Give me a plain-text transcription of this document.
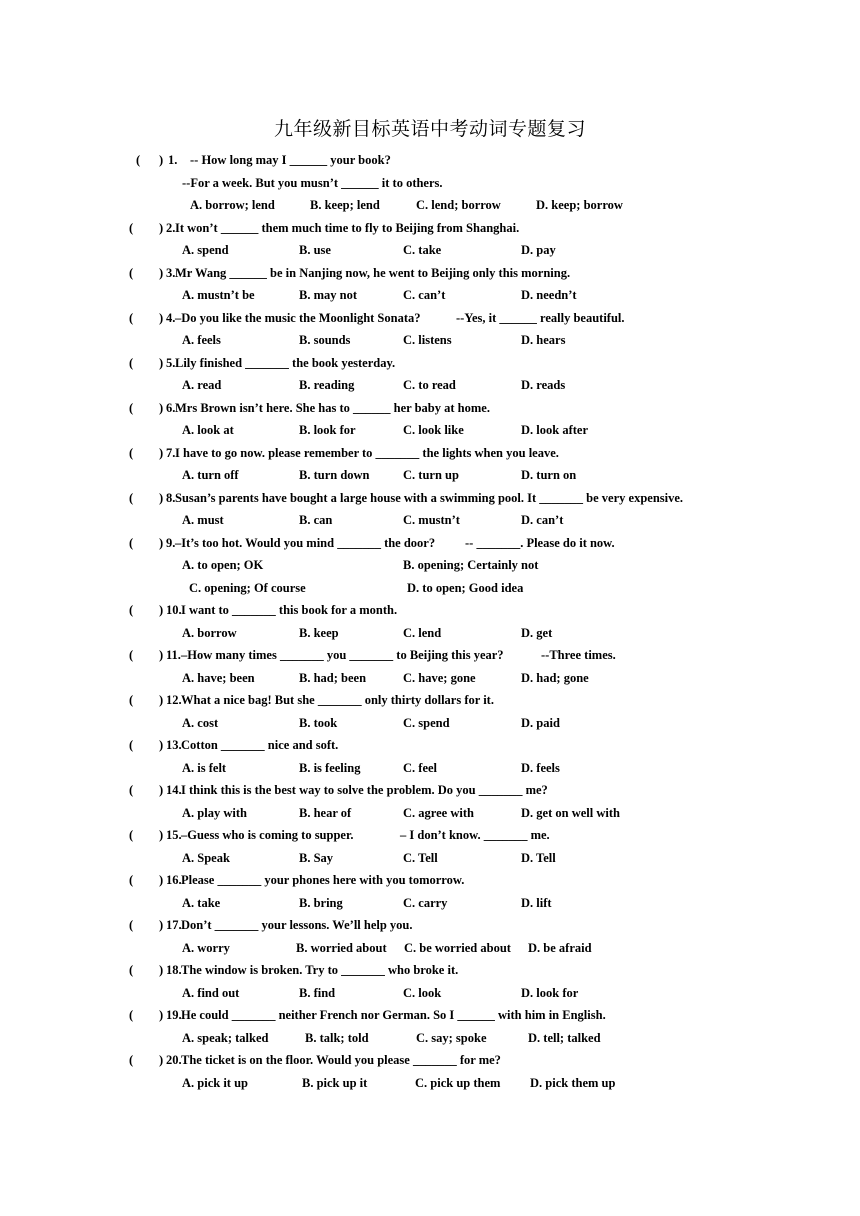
九年级新目标英语中考动词专题复习
( ) 1. -- How long may I ______ your book?
--For a week. But you musn’t ______ it to others.
A. borrow; lend	B. keep; lend	C. lend; borrow	D. keep; borrow
( ) 2. It won’t ______ them much time to fly to Beijing from Shanghai.
A. spend	B. use	C. take	D. pay
( ) 3. Mr Wang ______ be in Nanjing now, he went to Beijing only this morning.
A. mustn’t be	B. may not	C. can’t	D. needn’t
( ) 4. –Do you like the music the Moonlight Sonata?	--Yes, it ______ really beautiful.
A. feels	B. sounds	C. listens	D. hears
( ) 5. Lily finished _______ the book yesterday.
A. read	B. reading	C. to read	D. reads
( ) 6. Mrs Brown isn’t here. She has to ______ her baby at home.
A. look at	B. look for	C. look like	D. look after
( ) 7. I have to go now. please remember to _______ the lights when you leave.
A. turn off	B. turn down	C. turn up	D. turn on
( ) 8. Susan’s parents have bought a large house with a swimming pool. It _______ be very expensive.
A. must	B. can	C. mustn’t	D. can’t
( ) 9. –It’s too hot. Would you mind _______ the door? -- _______. Please do it now.
A. to open; OK	B. opening; Certainly not
C. opening; Of course	D. to open; Good idea
( ) 10. I want to _______ this book for a month.
A. borrow	B. keep	C. lend	D. get
( ) 11. –How many times _______ you _______ to Beijing this year?	--Three times.
A. have; been	B. had; been	C. have; gone	D. had; gone
( ) 12. What a nice bag! But she _______ only thirty dollars for it.
A. cost	B. took	C. spend	D. paid
( ) 13. Cotton _______ nice and soft.
A. is felt	B. is feeling	C. feel	D. feels
( ) 14. I think this is the best way to solve the problem. Do you _______ me?
A. play with	B. hear of	C. agree with	D. get on well with
( ) 15. –Guess who is coming to supper.	– I don’t know. _______ me.
A. Speak	B. Say	C. Tell	D. Tell
( ) 16. Please _______ your phones here with you tomorrow.
A. take	B. bring	C. carry	D. lift
( ) 17. Don’t _______ your lessons. We’ll help you.
A. worry	B. worried about C. be worried about D. be afraid
( ) 18. The window is broken. Try to _______ who broke it.
A. find out	B. find	C. look	D. look for
( ) 19. He could _______ neither French nor German. So I ______ with him in English.
A. speak; talked	B. talk; told	C. say; spoke	D. tell; talked
( ) 20. The ticket is on the floor. Would you please _______ for me?
A. pick it up	B. pick up it	C. pick up them D. pick them up
